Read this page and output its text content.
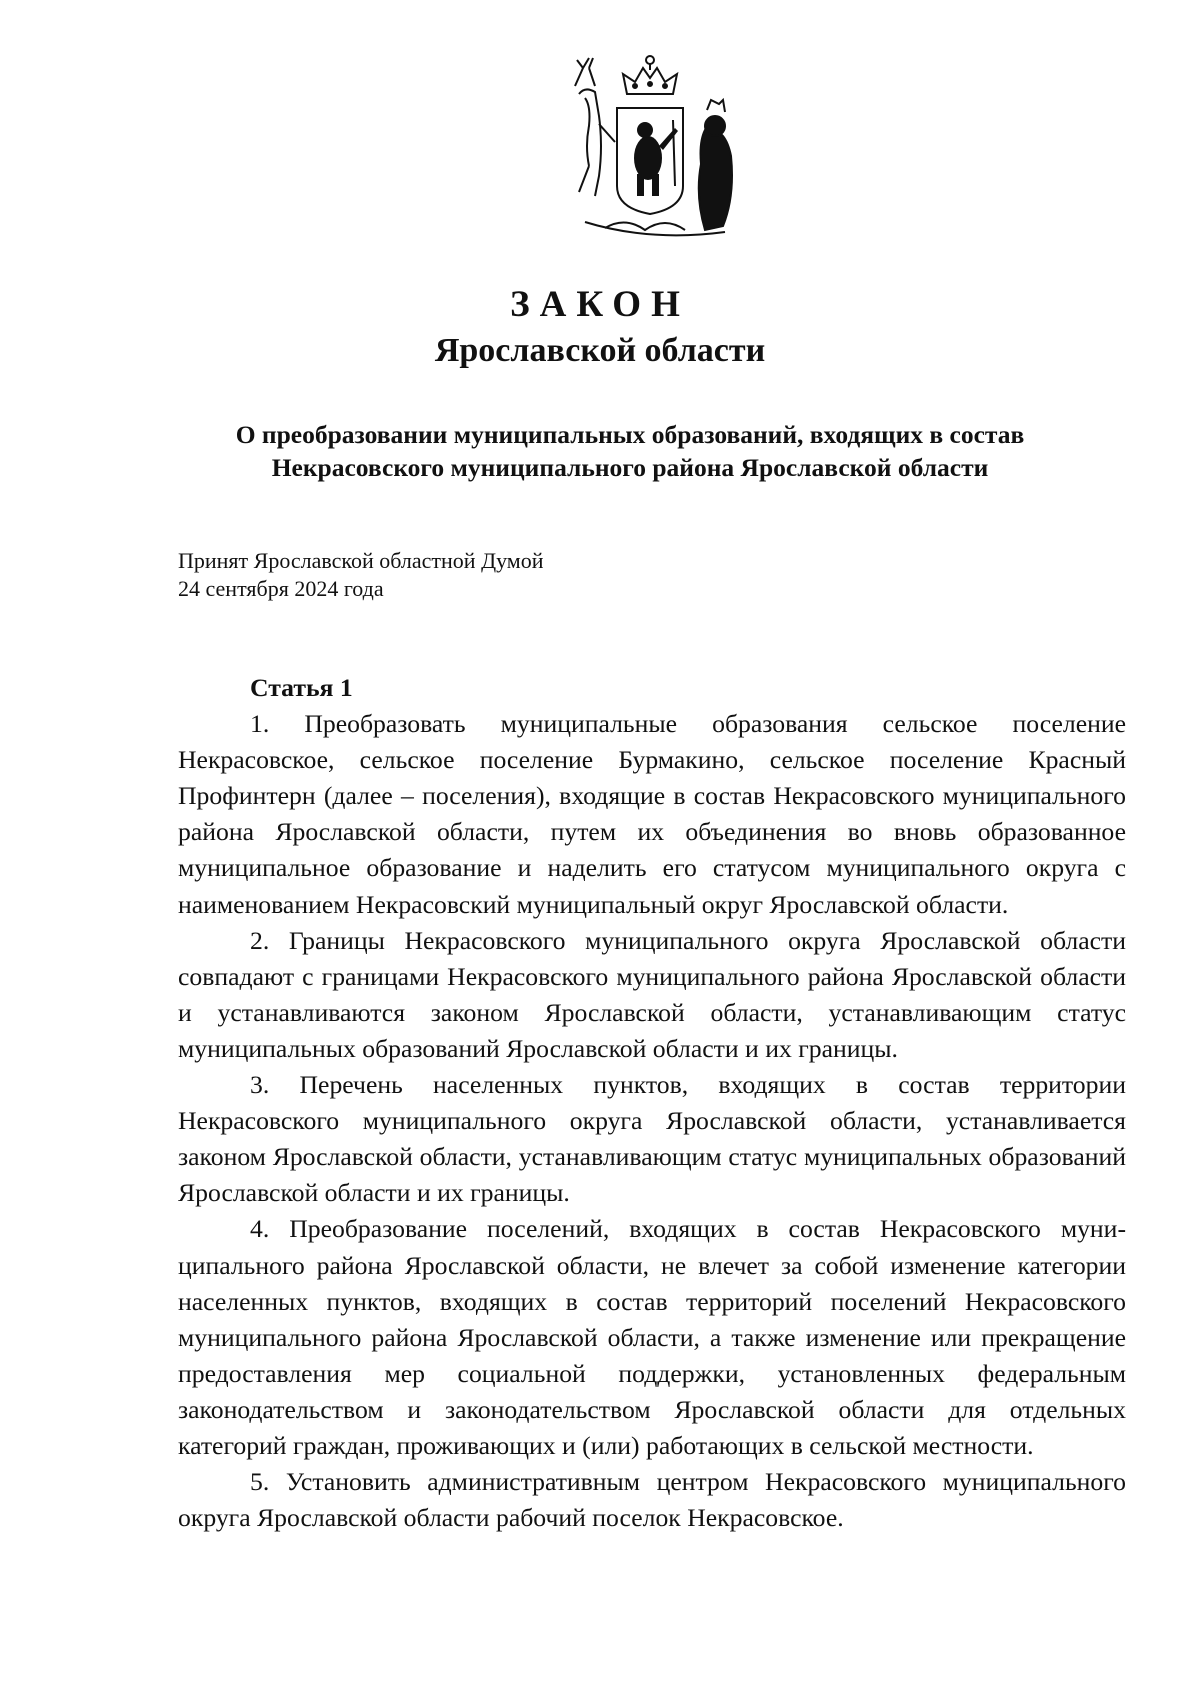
ЗАКОН
Ярославской области
О преобразовании муниципальных образований, входящих в состав
Некрасовского муниципального района Ярославской области
Принят Ярославской областной Думой
24 сентября 2024 года

Статья 1

1. Преобразовать муниципальные образования сельское поселение Некрасовское, сельское поселение Бурмакино, сельское поселение Красный Профинтерн (далее – поселения), входящие в состав Некрасовского муниципального района Ярославской области, путем их объединения во вновь образованное муниципальное образование и наделить его статусом муниципального округа с наименованием Некрасовский муниципальный округ Ярославской области.

2. Границы Некрасовского муниципального округа Ярославской области совпадают с границами Некрасовского муниципального района Ярославской области и устанавливаются законом Ярославской области, устанавливающим статус муниципальных образований Ярославской области и их границы.

3. Перечень населенных пунктов, входящих в состав территории Некрасовского муниципального округа Ярославской области, устанавливается законом Ярославской области, устанавливающим статус муниципальных образований Ярославской области и их границы.

4. Преобразование поселений, входящих в состав Некрасовского муниципального района Ярославской области, не влечет за собой изменение категории населенных пунктов, входящих в состав территорий поселений Некрасовского муниципального района Ярославской области, а также изменение или прекращение предоставления мер социальной поддержки, установленных федеральным законодательством и законодательством Ярославской области для отдельных категорий граждан, проживающих и (или) работающих в сельской местности.

5. Установить административным центром Некрасовского муниципального округа Ярославской области рабочий поселок Некрасовское.
